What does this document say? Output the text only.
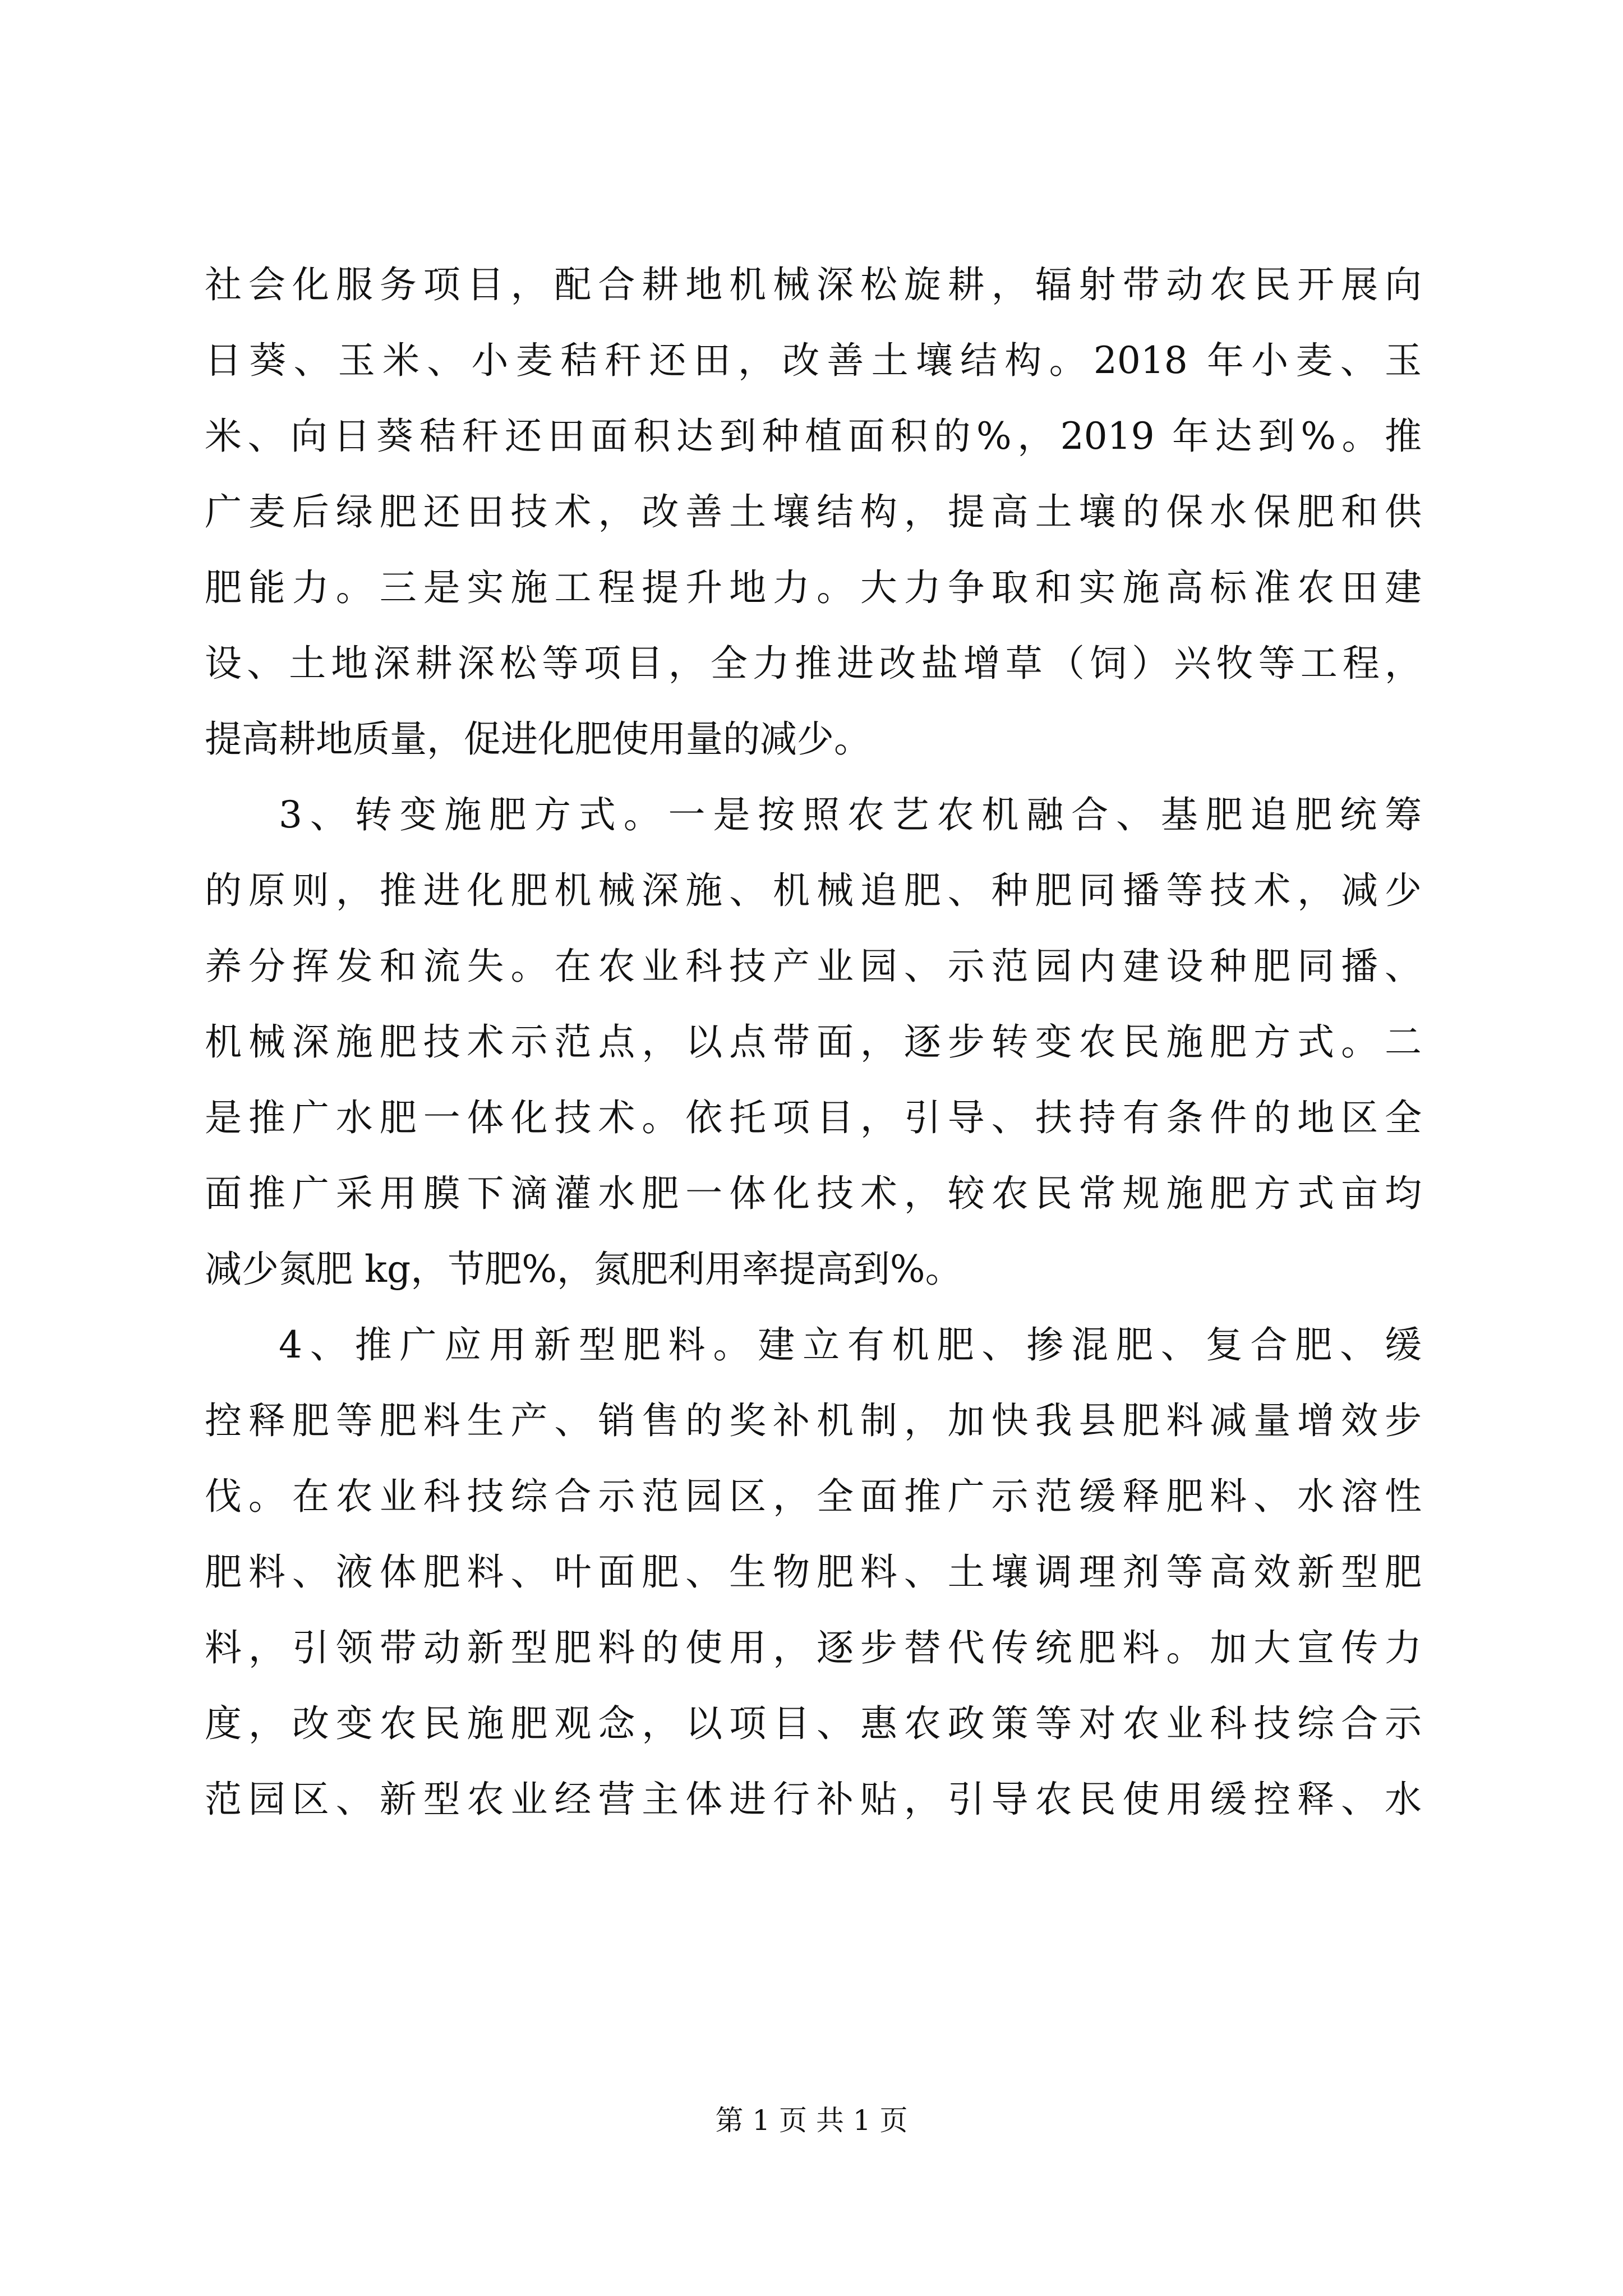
社会化服务项目，配合耕地机械深松旋耕，辐射带动农民开展向
日葵、玉米、小麦秸秆还田，改善土壤结构。2018 年小麦、玉
米、向日葵秸秆还田面积达到种植面积的%，2019 年达到%。推
广麦后绿肥还田技术，改善土壤结构，提高土壤的保水保肥和供
肥能力。三是实施工程提升地力。大力争取和实施高标准农田建
设、土地深耕深松等项目，全力推进改盐增草（饲）兴牧等工程，
提高耕地质量，促进化肥使用量的减少。
3、转变施肥方式。一是按照农艺农机融合、基肥追肥统筹
的原则，推进化肥机械深施、机械追肥、种肥同播等技术，减少
养分挥发和流失。在农业科技产业园、示范园内建设种肥同播、
机械深施肥技术示范点，以点带面，逐步转变农民施肥方式。二
是推广水肥一体化技术。依托项目，引导、扶持有条件的地区全
面推广采用膜下滴灌水肥一体化技术，较农民常规施肥方式亩均
减少氮肥 kg，节肥%，氮肥利用率提高到%。
4、推广应用新型肥料。建立有机肥、掺混肥、复合肥、缓
控释肥等肥料生产、销售的奖补机制，加快我县肥料减量增效步
伐。在农业科技综合示范园区，全面推广示范缓释肥料、水溶性
肥料、液体肥料、叶面肥、生物肥料、土壤调理剂等高效新型肥
料，引领带动新型肥料的使用，逐步替代传统肥料。加大宣传力
度，改变农民施肥观念，以项目、惠农政策等对农业科技综合示
范园区、新型农业经营主体进行补贴，引导农民使用缓控释、水
第 1 页 共 1 页
